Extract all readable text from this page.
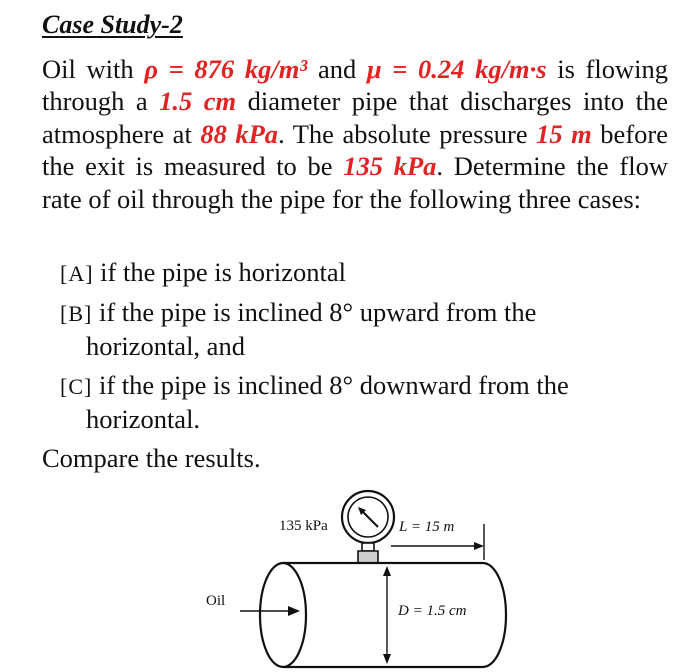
Case Study-2
Oil with ρ = 876 kg/m³ and μ = 0.24 kg/m·s is flowing through a 1.5 cm diameter pipe that discharges into the atmosphere at 88 kPa. The absolute pressure 15 m before the exit is measured to be 135 kPa. Determine the flow rate of oil through the pipe for the following three cases:
[A] if the pipe is horizontal
[B] if the pipe is inclined 8° upward from the
horizontal, and
[C] if the pipe is inclined 8° downward from the
horizontal.
Compare the results.
135 kPa	L = 15 m
D = 1.5 cm
Oil
